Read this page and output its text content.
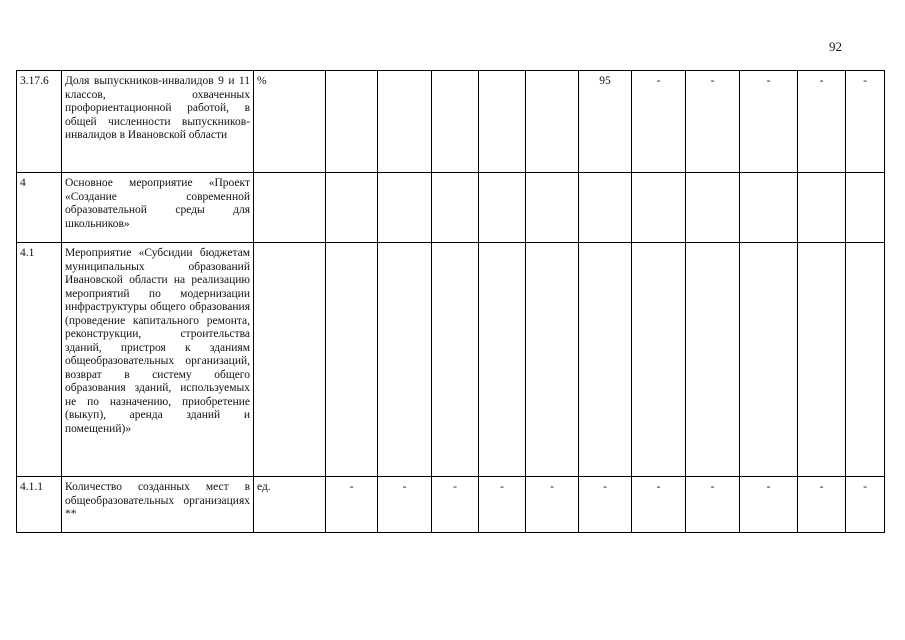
92
3.17.6	Доля выпускников-инвалидов 9 и 11 классов, охваченных профориентационной работой, в общей численности выпускников-инвалидов в Ивановской области	%						95	-	-	-	-	-
4	Основное мероприятие «Проект «Создание современной образовательной среды для школьников»												
4.1	Мероприятие «Субсидии бюджетам муниципальных образований Ивановской области на реализацию мероприятий по модернизации инфраструктуры общего образования (проведение капитального ремонта, реконструкции, строительства зданий, пристроя к зданиям общеобразовательных организаций, возврат в систему общего образования зданий, используемых не по назначению, приобретение (выкуп), аренда зданий и помещений)»												
4.1.1	Количество созданных мест в общеобразовательных организациях **	ед.	-	-	-	-	-	-	-	-	-	-	-
